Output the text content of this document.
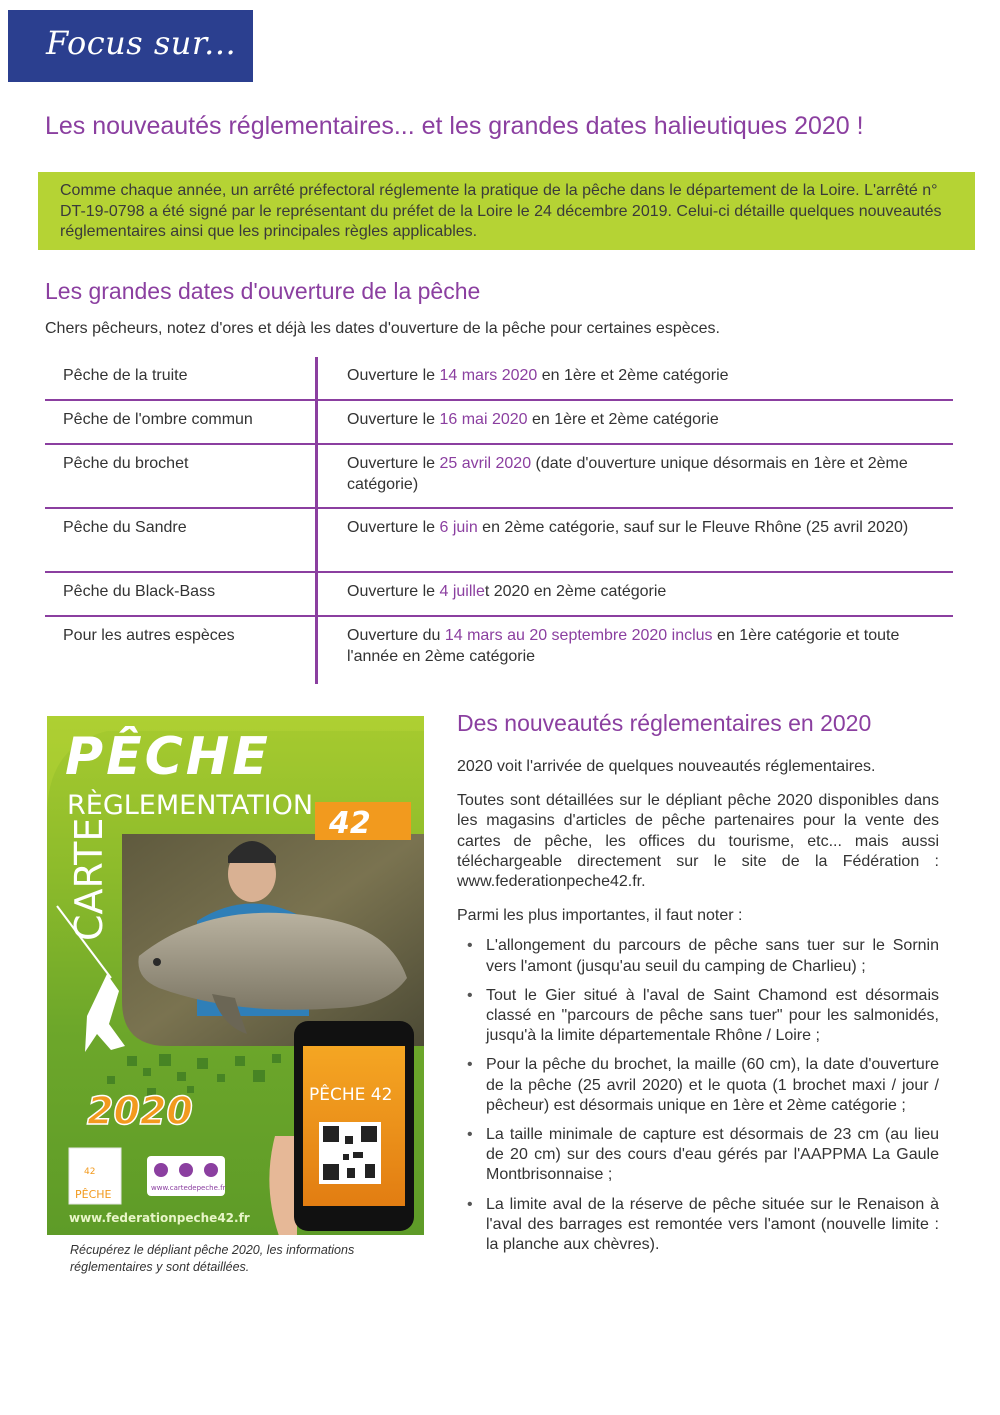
Focus sur...
Les nouveautés réglementaires... et les grandes dates halieutiques 2020 !

Comme chaque année, un arrêté préfectoral réglemente la pratique de la pêche dans le département de la Loire. L'arrêté n° DT-19-0798 a été signé par le représentant du préfet de la Loire le 24 décembre 2019. Celui-ci détaille quelques nouveautés réglementaires ainsi que les principales règles applicables.

Les grandes dates d'ouverture de la pêche

Chers pêcheurs, notez d'ores et déjà les dates d'ouverture de la pêche pour certaines espèces.

Pêche de la truite	Ouverture le 14 mars 2020 en 1ère et 2ème catégorie
Pêche de l'ombre commun	Ouverture le 16 mai 2020 en 1ère et 2ème catégorie
Pêche du brochet	Ouverture le 25 avril 2020 (date d'ouverture unique désormais en 1ère et 2ème catégorie)
Pêche du Sandre	Ouverture le 6 juin en 2ème catégorie, sauf sur le Fleuve Rhône (25 avril 2020)
Pêche du Black-Bass	Ouverture le 4 juillet 2020 en 2ème catégorie
Pour les autres espèces	Ouverture du 14 mars au 20 septembre 2020 inclus en 1ère catégorie et toute l'année en 2ème catégorie
PÊCHE
RÈGLEMENTATION
42
CARTE
2020
42
PÊCHE	www.cartedepeche.fr
www.federationpeche42.fr
PÊCHE 42

Récupérez le dépliant pêche 2020, les informations réglementaires y sont détaillées.

Des nouveautés réglementaires en 2020

2020 voit l'arrivée de quelques nouveautés réglementaires.

Toutes sont détaillées sur le dépliant pêche 2020 disponibles dans les magasins d'articles de pêche partenaires pour la vente des cartes de pêche, les offices du tourisme, etc... mais aussi téléchargeable directement sur le site de la Fédération : www.federationpeche42.fr.

Parmi les plus importantes, il faut noter :

• L'allongement du parcours de pêche sans tuer sur le Sornin vers l'amont (jusqu'au seuil du camping de Charlieu) ;
• Tout le Gier situé à l'aval de Saint Chamond est désormais classé en "parcours de pêche sans tuer" pour les salmonidés, jusqu'à la limite départementale Rhône / Loire ;
• Pour la pêche du brochet, la maille (60 cm), la date d'ouverture de la pêche (25 avril 2020) et le quota (1 brochet maxi / jour / pêcheur) est désormais unique en 1ère et 2ème catégorie ;
• La taille minimale de capture est désormais de 23 cm (au lieu de 20 cm) sur des cours d'eau gérés par l'AAPPMA La Gaule Montbrisonnaise ;
• La limite aval de la réserve de pêche située sur le Renaison à l'aval des barrages est remontée vers l'amont (nouvelle limite : la planche aux chèvres).
